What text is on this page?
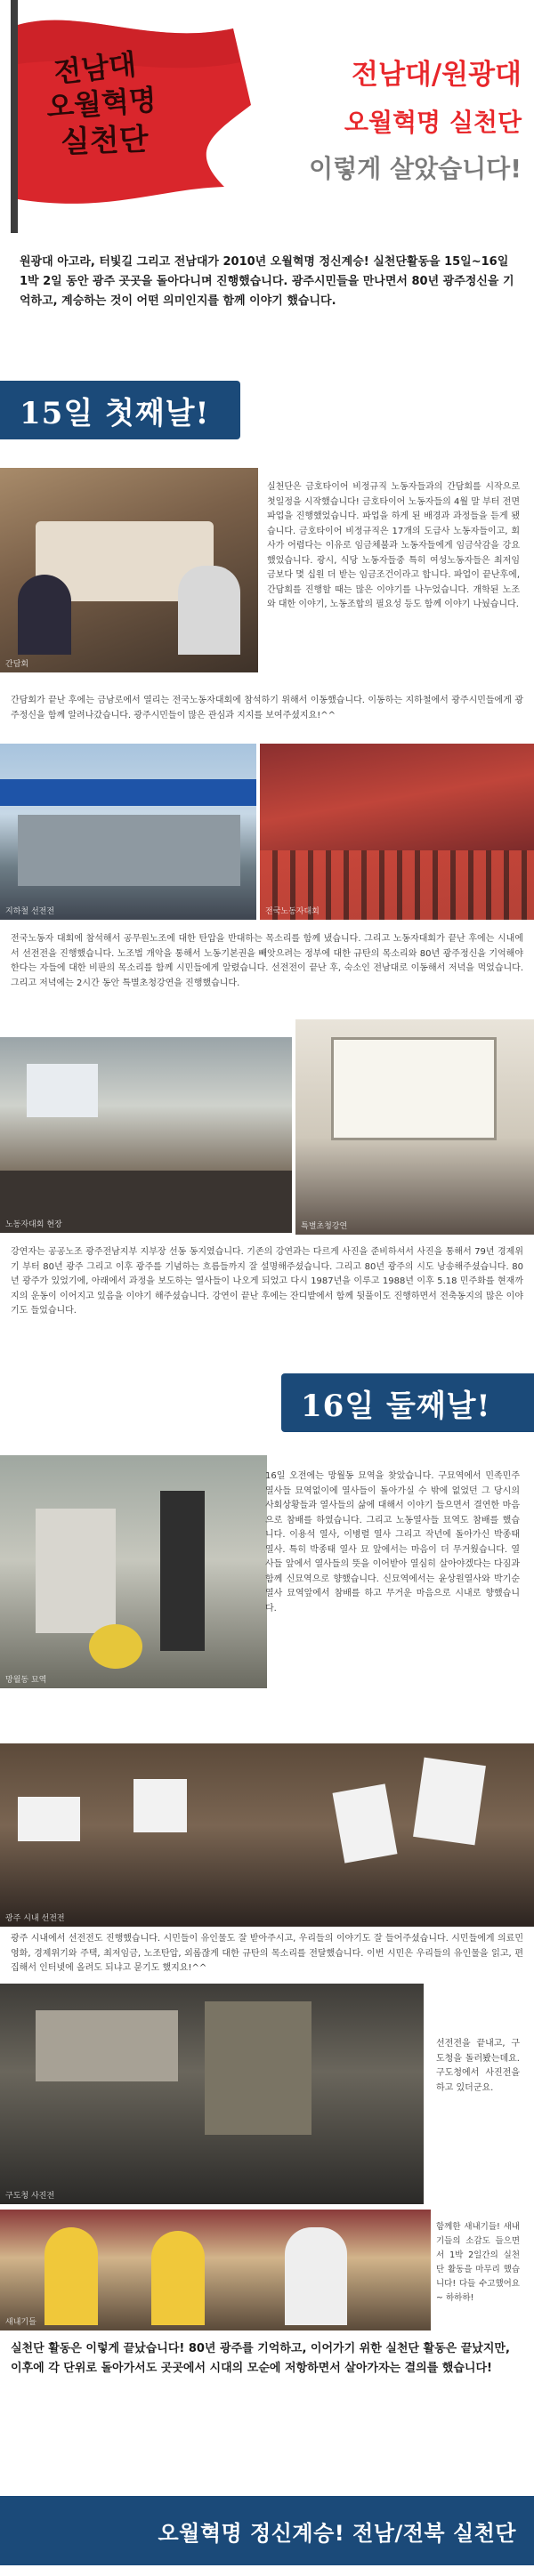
전남대
오월혁명
실천단
전남대/원광대
오월혁명 실천단
이렇게 살았습니다!
원광대 아고라, 터빛길 그리고 전남대가 2010년 오월혁명 정신계승! 실천단활동을 15일~16일 1박 2일 동안 광주 곳곳을 돌아다니며 진행했습니다. 광주시민들을 만나면서 80년 광주정신을 기억하고, 계승하는 것이 어떤 의미인지를 함께 이야기 했습니다.
15일 첫째날!
간담회
실천단은 금호타이어 비정규직 노동자들과의 간담회를 시작으로 첫일정을 시작했습니다! 금호타이어 노동자들의 4월 말 부터 전면 파업을 진행했었습니다. 파업을 하게 된 배경과 과정들을 듣게 됐습니다. 금호타이어 비정규직은 17개의 도급사 노동자들이고, 회사가 어렵다는 이유로 임금체불과 노동자들에게 임금삭감을 강요했었습니다. 광시, 식당 노동자들중 특히 여성노동자들은 최저임금보다 몇 십원 더 받는 임금조건이라고 합니다. 파업이 끝난후에, 간담회를 진행할 때는 많은 이야기를 나누었습니다. 개학된 노조와 대한 이야기, 노동조합의 필요성 등도 함께 이야기 나눴습니다.
간담회가 끝난 후에는 금남로에서 열리는 전국노동자대회에 참석하기 위해서 이동했습니다. 이동하는 지하철에서 광주시민들에게 광주정신을 함께 알려나갔습니다. 광주시민들이 많은 관심과 지지를 보여주셨지요!^^
지하철 선전전	전국노동자대회
전국노동자 대회에 참석해서 공무원노조에 대한 탄압을 반대하는 목소리를 함께 냈습니다. 그리고 노동자대회가 끝난 후에는 시내에서 선전전을 진행했습니다. 노조법 개악을 통해서 노동기본권을 빼앗으려는 정부에 대한 규탄의 목소리와 80년 광주정신을 기억해야 한다는 자들에 대한 비판의 목소리를 함께 시민들에게 알렸습니다. 선전전이 끝난 후, 숙소인 전남대로 이동해서 저녁을 먹었습니다. 그리고 저녁에는 2시간 동안 특별초청강연을 진행했습니다.
노동자대회 현장	특별초청강연
강연자는 공공노조 광주전남지부 지부장 선동 동지였습니다. 기존의 강연과는 다르게 사진을 준비하셔서 사진을 통해서 79년 경제위기 부터 80년 광주 그리고 이후 광주를 기념하는 흐름들까지 잘 설명해주셨습니다. 그리고 80년 광주의 시도 낭송해주셨습니다. 80년 광주가 있었기에, 아래에서 과정을 보도하는 열사들이 나오게 되었고 다시 1987년을 이루고 1988년 이후 5.18 민주화를 현재까지의 운동이 이어지고 있음을 이야기 해주셨습니다. 강연이 끝난 후에는 잔디밭에서 함께 뒷풀이도 진행하면서 전축동지의 많은 이야기도 들었습니다.
16일 둘째날!
망월동 묘역
16일 오전에는 망월동 묘역을 찾았습니다. 구묘역에서 민족민주열사들 묘역없이에 열사들이 돌아가실 수 밖에 없었던 그 당시의 사회상황들과 열사들의 삶에 대해서 이야기 들으면서 결연한 마음으로 참배를 하였습니다. 그리고 노동열사들 묘역도 참배를 했습니다. 이용석 열사, 이병렬 열사 그리고 작년에 돌아가신 박종태 열사. 특히 박종태 열사 묘 앞에서는 마음이 더 무거웠습니다. 열사들 앞에서 열사들의 뜻을 이어받아 열심히 살아야겠다는 다짐과 함께 신묘역으로 향했습니다. 신묘역에서는 윤상원열사와 박기순열사 묘역앞에서 참배를 하고 무거운 마음으로 시내로 향했습니다.
광주 시내 선전전
광주 시내에서 선전전도 진행했습니다. 시민들이 유인물도 잘 받아주시고, 우리들의 이야기도 잘 들어주셨습니다. 시민들에게 의료민영화, 경제위기와 주택, 최저임금, 노조탄압, 외롭잖게 대한 규탄의 목소리를 전달했습니다. 이번 시민은 우리들의 유인물을 읽고, 편집해서 인터넷에 올려도 되냐고 묻기도 했지요!^^
구도청 사진전
선전전을 끝내고, 구도청을 돌러봤는데요. 구도청에서 사진전을 하고 있더군요.
새내기들
함께한 새내기들! 새내기들의 소감도 들으면서 1박 2일간의 실천단 활동을 마무리 했습니다! 다들 수고했어요~ 하하하!
실천단 활동은 이렇게 끝났습니다! 80년 광주를 기억하고, 이어가기 위한 실천단 활동은 끝났지만, 이후에 각 단위로 돌아가서도 곳곳에서 시대의 모순에 저항하면서 살아가자는 결의를 했습니다!
오월혁명 정신계승! 전남/전북 실천단
